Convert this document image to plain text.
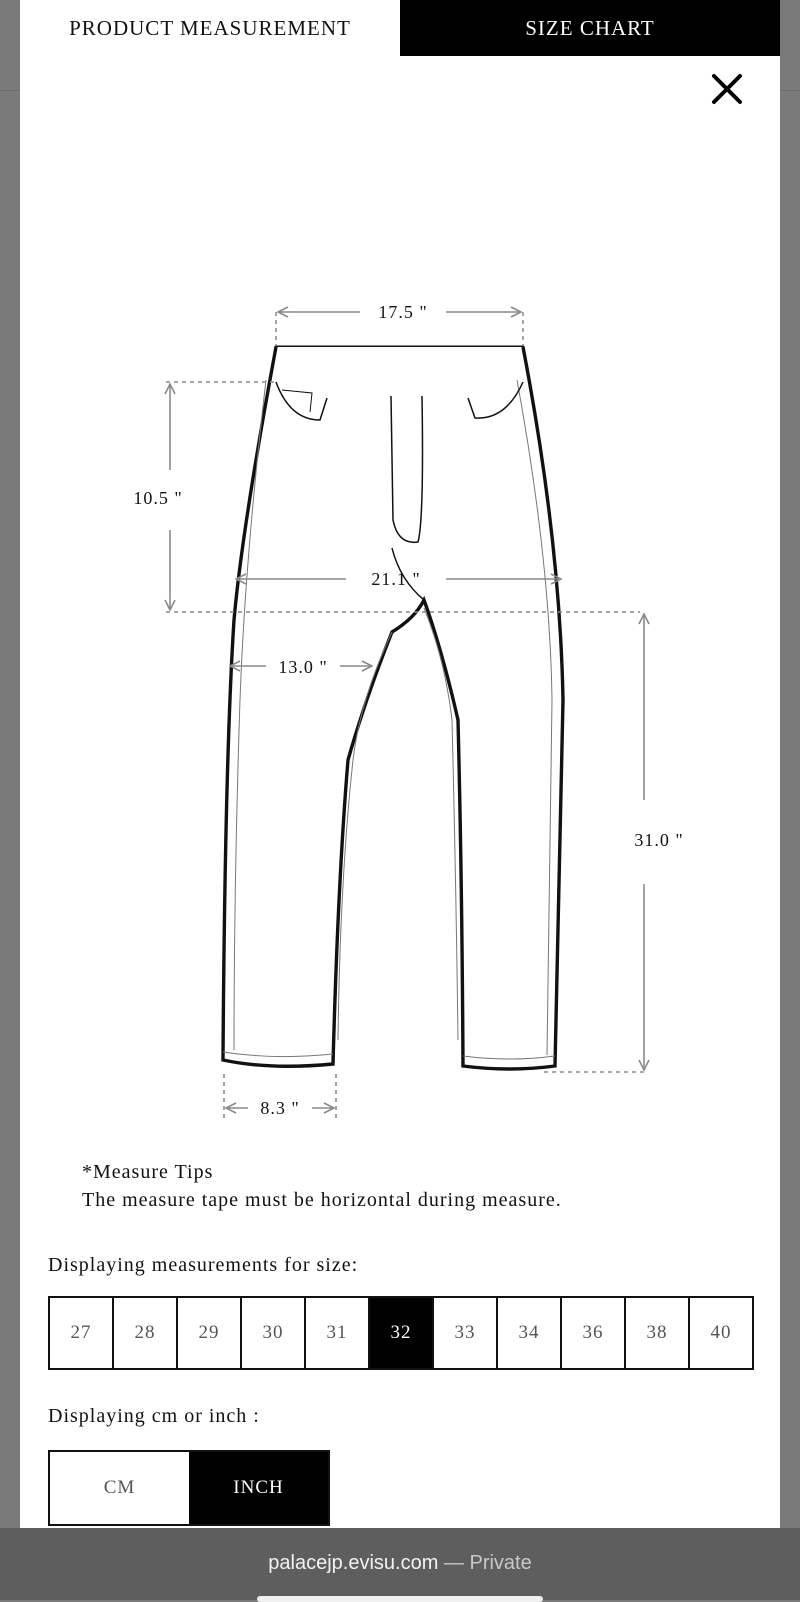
17.5 "
10.5 "
21.1 "
13.0 "
31.0 "
8.3 "
PRODUCT MEASUREMENT	SIZE CHART
*Measure Tips
The measure tape must be horizontal during measure.
Displaying measurements for size:
27	28	29	30	31	32	33	34	36	38	40
Displaying cm or inch :
CM	INCH
palacejp.evisu.com — Private
